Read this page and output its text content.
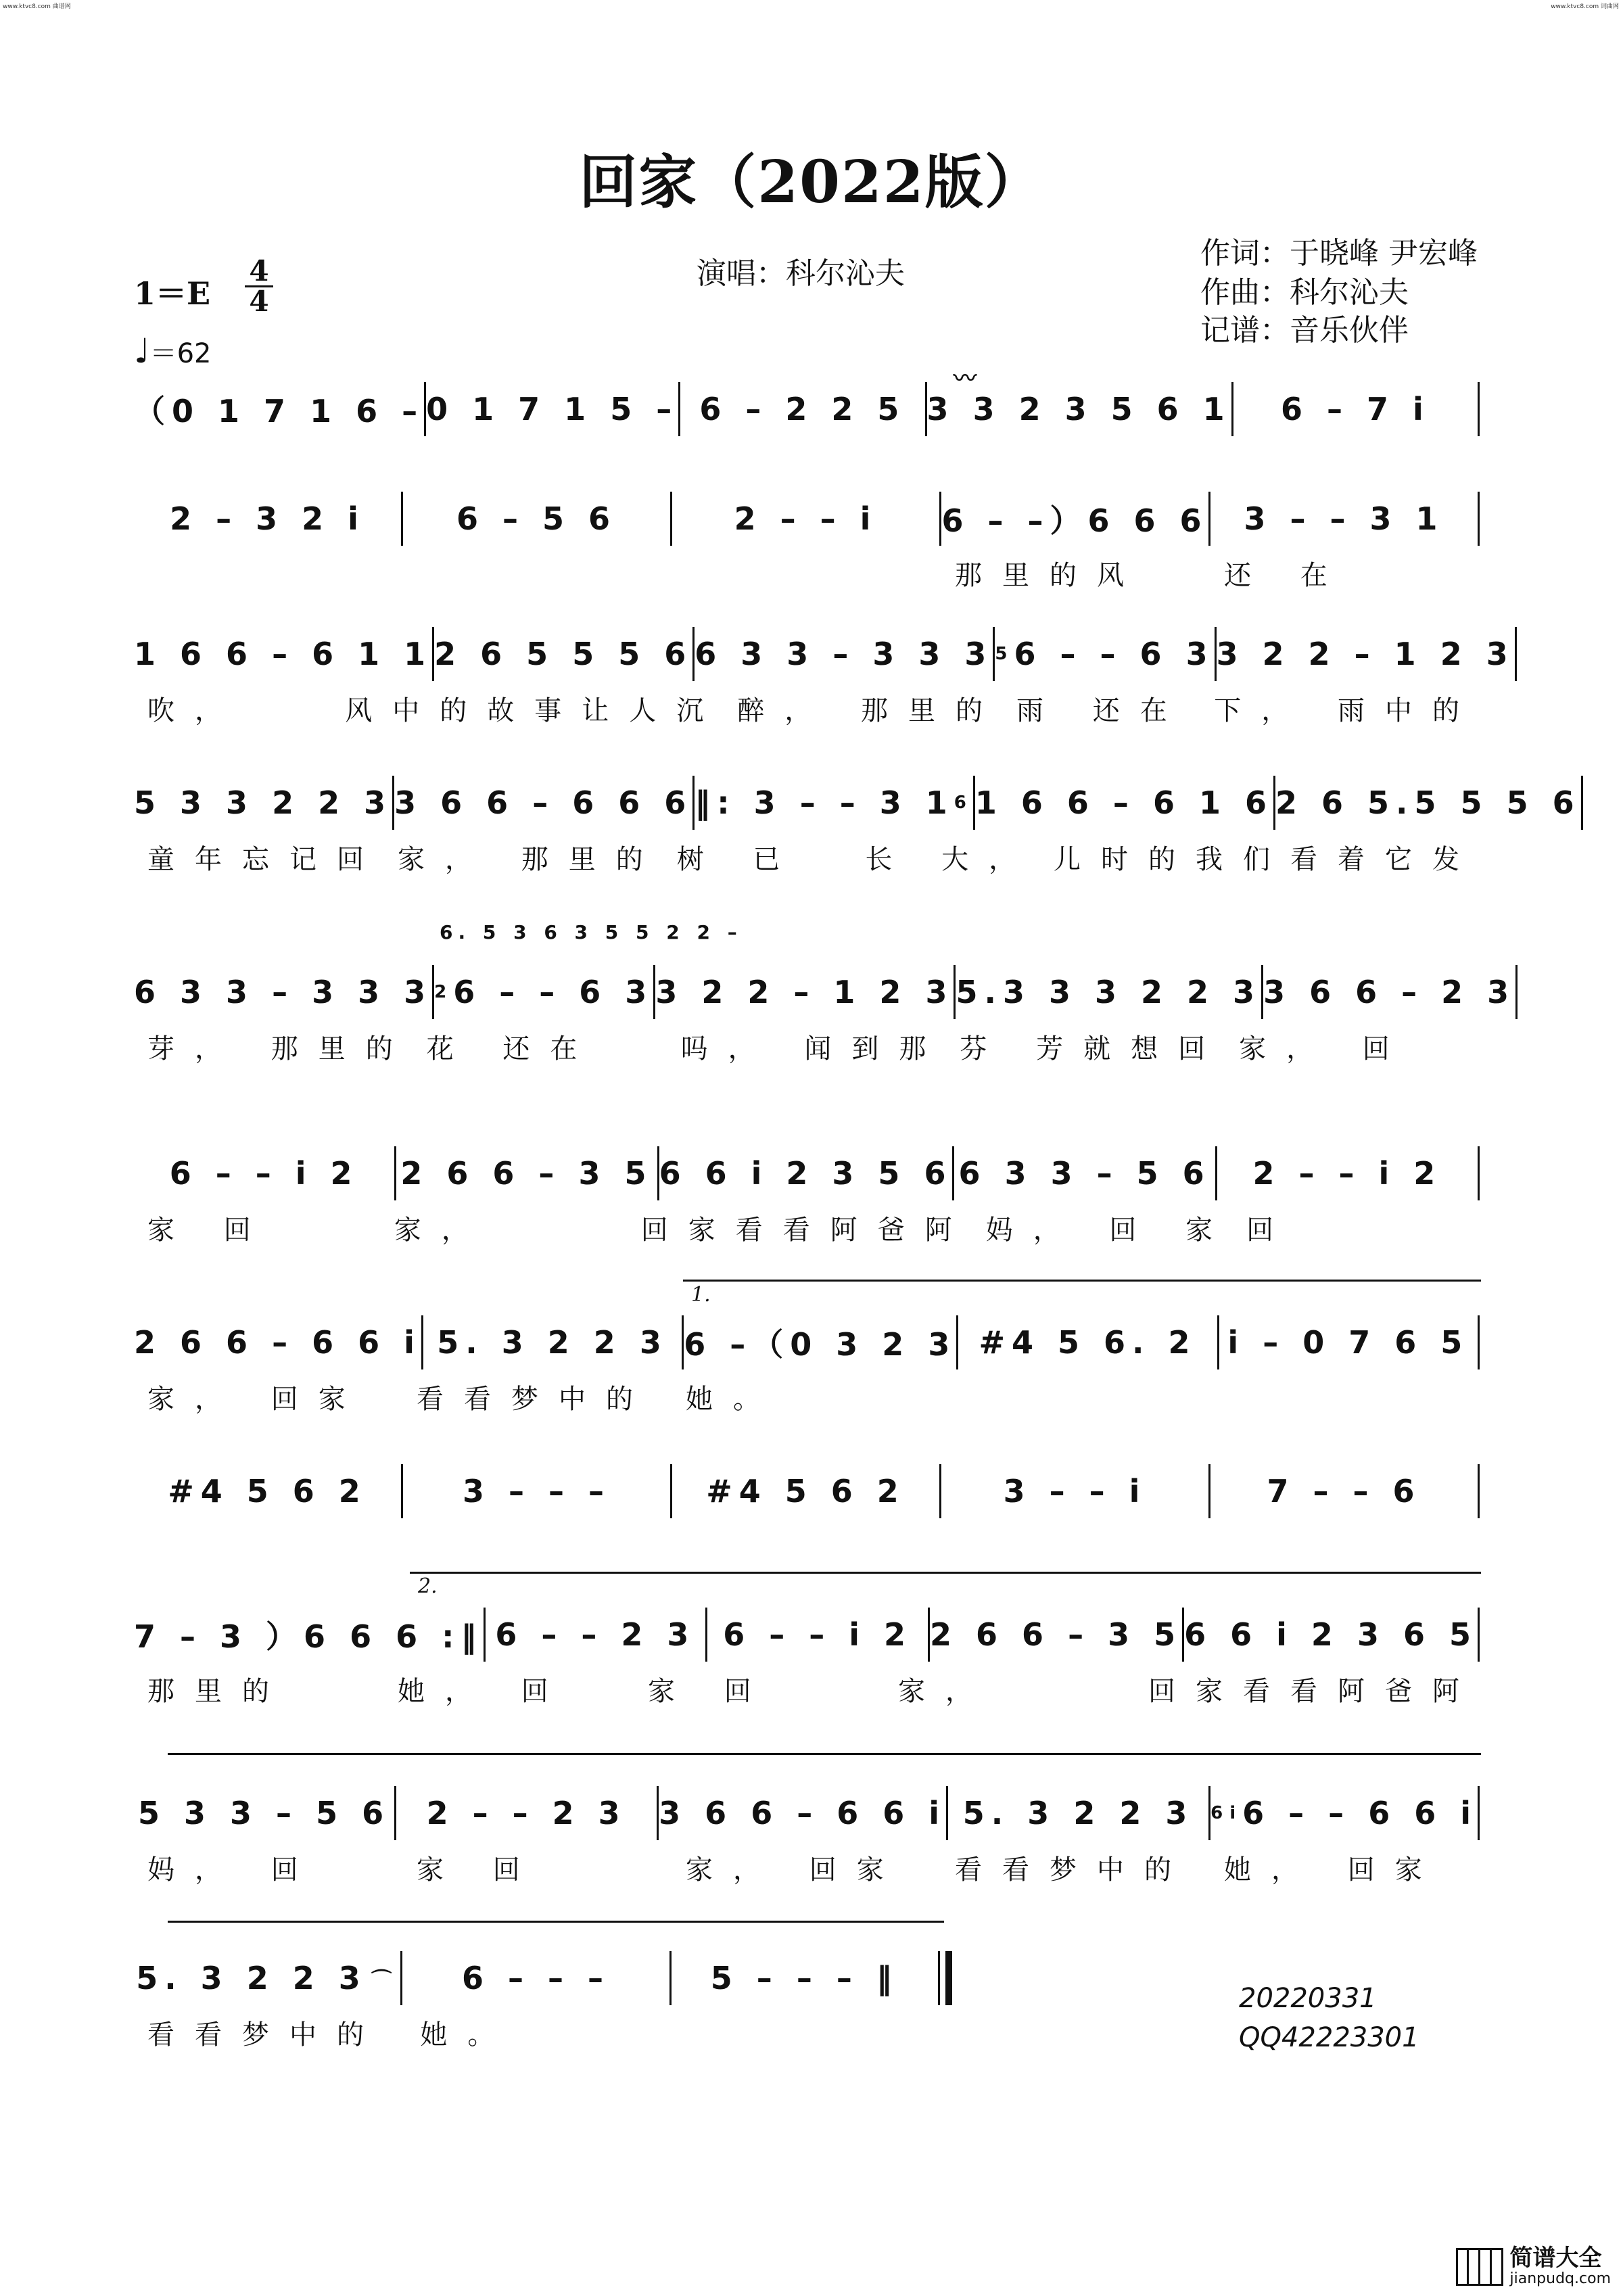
www.ktvc8.com 曲谱网	www.ktvc8.com 词曲网
回家（2022版）
演唱：科尔沁夫
作词：于晓峰 尹宏峰
作曲：科尔沁夫
记谱：音乐伙伴
1＝E
4
4
♩＝62
〰
6. 5 3 6 3 5 5 2 2 –
1.
2.
（0 1 7 1 6 – 0 1 7 1 5 – 6 – 2 2 5 3 3 2 3 5 6 1	6 – 7 i
2 – 3 2 i	6 – 5 6	2 – – i	6 – –）6 6 6	3 – – 3 1
那里的风	还 在
1 6 6 – 6 1 1 2 6 5 5 5 6 6 3 3 – 3 3 3 5 6 – – 6 3 3 2 2 – 1 2 3
吹，	风中的故事让人沉 醉， 那里的 雨 还在 下， 雨中的
5 3 3 2 2 3 3 6 6 – 6 6 6 ‖: 3 – – 3 1 6 1 6 6 – 6 1 6 2 6 5.5 5 5 6
童年忘记回 家， 那里的 树 已	长 大， 儿时的我们看着它发
6 3 3 – 3 3 3 2 6 – – 6 3 3 2 2 – 1 2 3 5.3 3 3 2 2 3 3 6 6 – 2 3
芽， 那里的 花 还在	吗， 闻到那 芬 芳就想回 家， 回
6 – – i 2	2 6 6 – 3 5 6 6 i 2 3 5 6 6 3 3 – 5 6	2 – – i 2
家 回	家，	回家看看阿爸阿 妈， 回 家 回
2 6 6 – 6 6 i 5. 3 2 2 3 6 –（0 3 2 3 #4 5 6. 2 i – 0 7 6 5
家， 回家	看看梦中的	她。
#4 5 6 2	3 – – –	#4 5 6 2	3 – – i	7 – – 6
7 – 3 ）6 6 6 :‖ 6 – – 2 3 6 – – i 2 2 6 6 – 3 5 6 6 i 2 3 6 5
那里的	她， 回	家 回	家，	回家看看阿爸阿
5 3 3 – 5 6	2 – – 2 3	3 6 6 – 6 6 i 5. 3 2 2 3 6i 6 – – 6 6 i
妈， 回	家 回	家， 回家	看看梦中的	她， 回家
5. 3 2 2 3 ⌒	6 – – –	5 – – – ‖
看看梦中的	她。
20220331
QQ42223301
简谱大全
jianpudq.com
